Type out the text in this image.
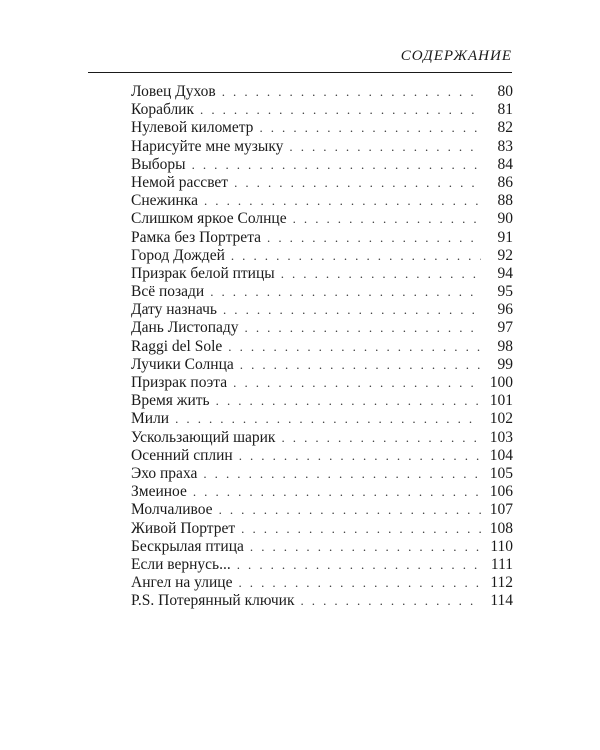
СОДЕРЖАНИЕ
Ловец Духов . . .	80
Кораблик . . .	81
Нулевой километр . . .	82
Нарисуйте мне музыку . . .	83
Выборы . . .	84
Немой рассвет . . .	86
Снежинка . . .	88
Слишком яркое Солнце . . .	90
Рамка без Портрета . . .	91
Город Дождей . . .	92
Призрак белой птицы . . .	94
Всё позади . . .	95
Дату назначь . . .	96
Дань Листопаду . . .	97
Raggi del Sole . . .	98
Лучики Солнца . . .	99
Призрак поэта . . .	100
Время жить . . .	101
Мили . . .	102
Ускользающий шарик . . .	103
Осенний сплин . . .	104
Эхо праха . . .	105
Змеиное . . .	106
Молчаливое . . .	107
Живой Портрет . . .	108
Бескрылая птица . . .	110
Если вернусь... . . .	111
Ангел на улице . . .	112
P.S. Потерянный ключик . . .	114
